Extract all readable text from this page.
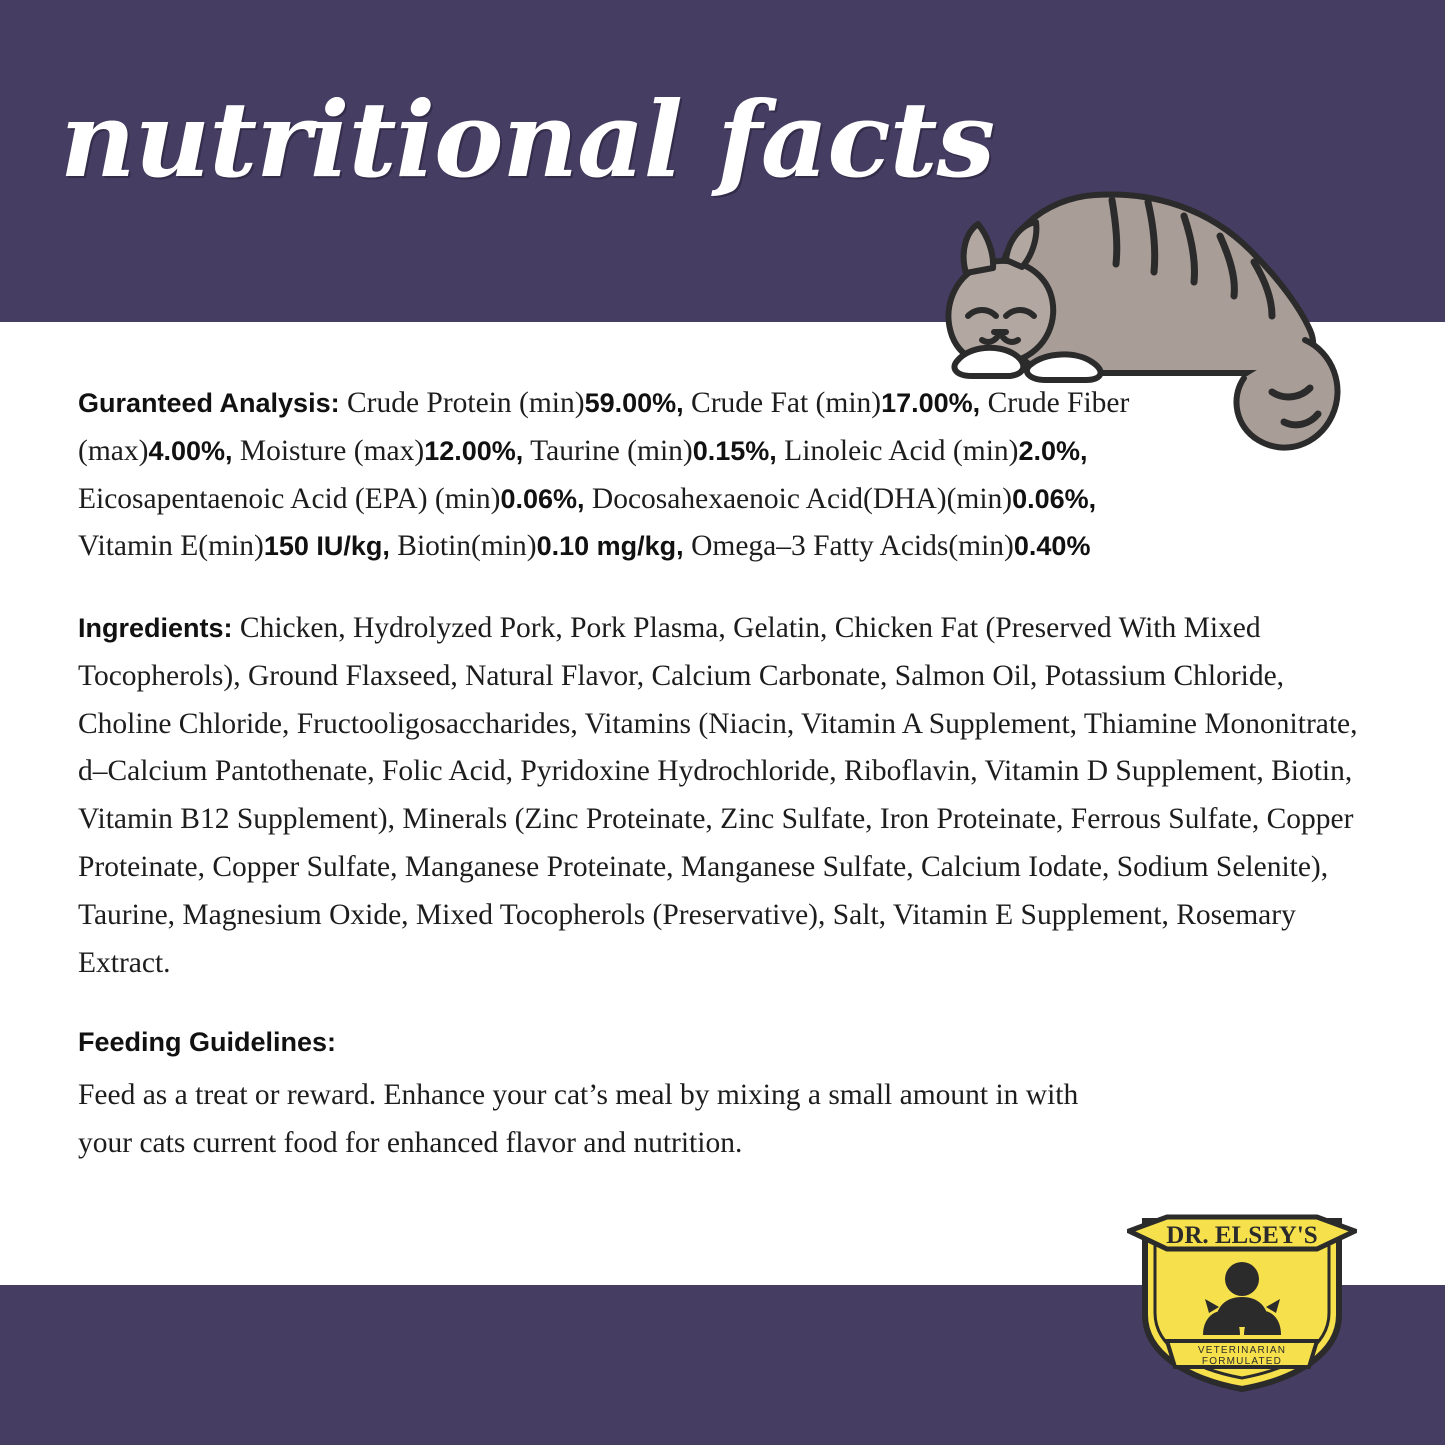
nutritional facts

Guranteed Analysis: Crude Protein (min)59.00%, Crude Fat (min)17.00%, Crude Fiber (max)4.00%, Moisture (max)12.00%, Taurine (min)0.15%, Linoleic Acid (min)2.0%, Eicosapentaenoic Acid (EPA) (min)0.06%, Docosahexaenoic Acid(DHA)(min)0.06%, Vitamin E(min)150 IU/kg, Biotin(min)0.10 mg/kg, Omega–3 Fatty Acids(min)0.40%

Ingredients: Chicken, Hydrolyzed Pork, Pork Plasma, Gelatin, Chicken Fat (Preserved With Mixed Tocopherols), Ground Flaxseed, Natural Flavor, Calcium Carbonate, Salmon Oil, Potassium Chloride, Choline Chloride, Fructooligosaccharides, Vitamins (Niacin, Vitamin A Supplement, Thiamine Mononitrate, d–Calcium Pantothenate, Folic Acid, Pyridoxine Hydrochloride, Riboflavin, Vitamin D Supplement, Biotin, Vitamin B12 Supplement), Minerals (Zinc Proteinate, Zinc Sulfate, Iron Proteinate, Ferrous Sulfate, Copper Proteinate, Copper Sulfate, Manganese Proteinate, Manganese Sulfate, Calcium Iodate, Sodium Selenite), Taurine, Magnesium Oxide, Mixed Tocopherols (Preservative), Salt, Vitamin E Supplement, Rosemary Extract.

Feeding Guidelines:

Feed as a treat or reward. Enhance your cat’s meal by mixing a small amount in with your cats current food for enhanced flavor and nutrition.

DR. ELSEY'S
VETERINARIAN
FORMULATED
